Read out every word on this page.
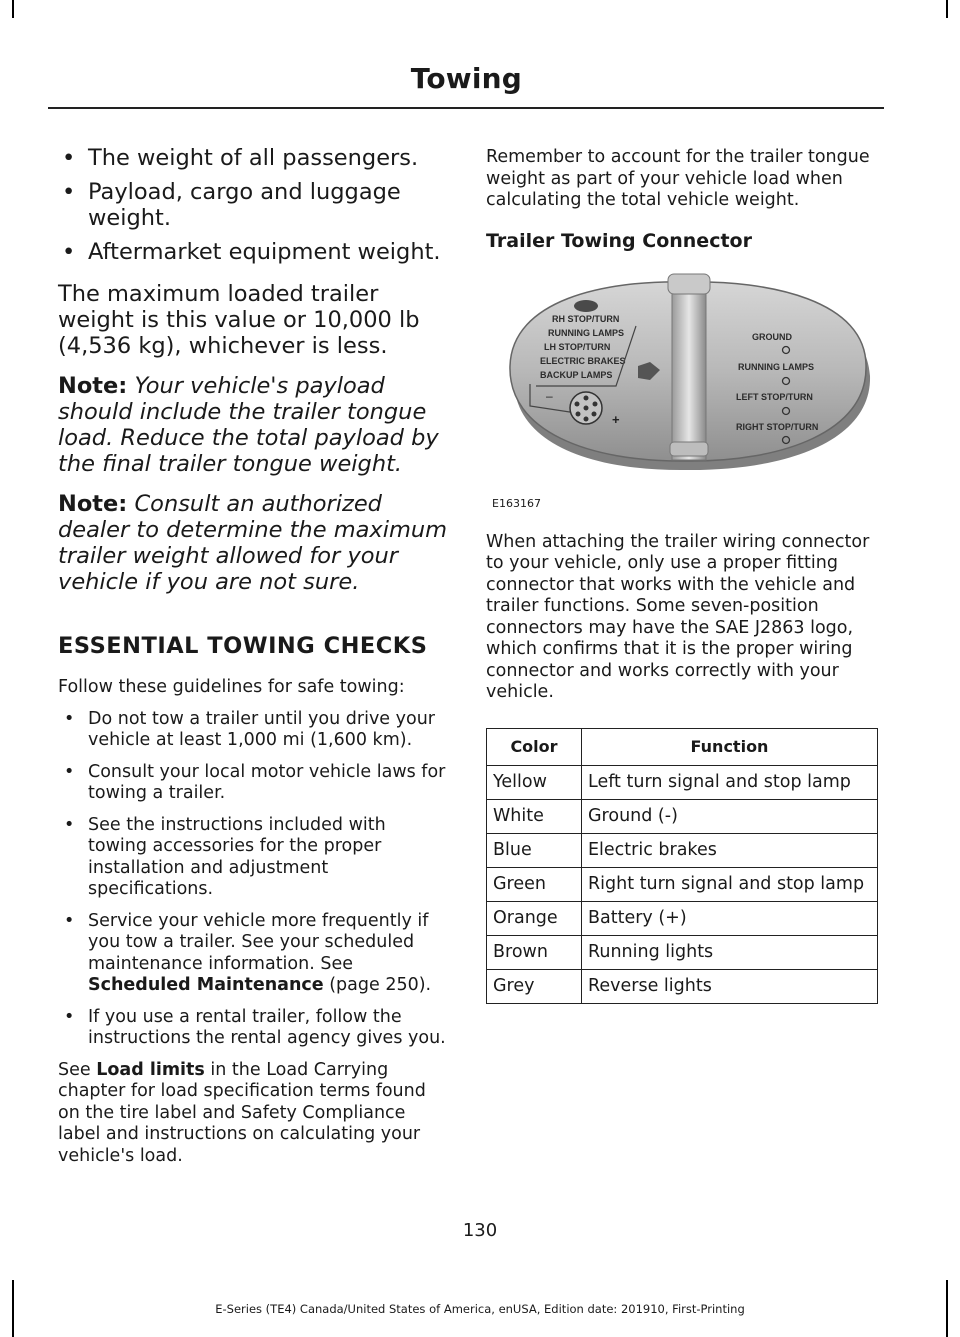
Towing
• The weight of all passengers.
• Payload, cargo and luggage weight.
• Aftermarket equipment weight.

The maximum loaded trailer weight is this value or 10,000 lb (4,536 kg), whichever is less.

Note: Your vehicle's payload should include the trailer tongue load. Reduce the total payload by the final trailer tongue weight.

Note: Consult an authorized dealer to determine the maximum trailer weight allowed for your vehicle if you are not sure.

ESSENTIAL TOWING CHECKS

Follow these guidelines for safe towing:

• Do not tow a trailer until you drive your vehicle at least 1,000 mi (1,600 km).
• Consult your local motor vehicle laws for towing a trailer.
• See the instructions included with towing accessories for the proper installation and adjustment specifications.
• Service your vehicle more frequently if you tow a trailer. See your scheduled maintenance information. See Scheduled Maintenance (page 250).
• If you use a rental trailer, follow the instructions the rental agency gives you.

See Load limits in the Load Carrying chapter for load specification terms found on the tire label and Safety Compliance label and instructions on calculating your vehicle's load.

Remember to account for the trailer tongue weight as part of your vehicle load when calculating the total vehicle weight.

Trailer Towing Connector
RH STOP/TURN
RUNNING LAMPS
LH STOP/TURN
ELECTRIC BRAKES
BACKUP LAMPS
–
+
GROUND
RUNNING LAMPS
LEFT STOP/TURN
RIGHT STOP/TURN
E163167

When attaching the trailer wiring connector to your vehicle, only use a proper fitting connector that works with the vehicle and trailer functions. Some seven-position connectors may have the SAE J2863 logo, which confirms that it is the proper wiring connector and works correctly with your vehicle.

Color	Function
Yellow	Left turn signal and stop lamp
White	Ground (-)
Blue	Electric brakes
Green	Right turn signal and stop lamp
Orange	Battery (+)
Brown	Running lights
Grey	Reverse lights
130
E-Series (TE4) Canada/United States of America, enUSA, Edition date: 201910, First-Printing
